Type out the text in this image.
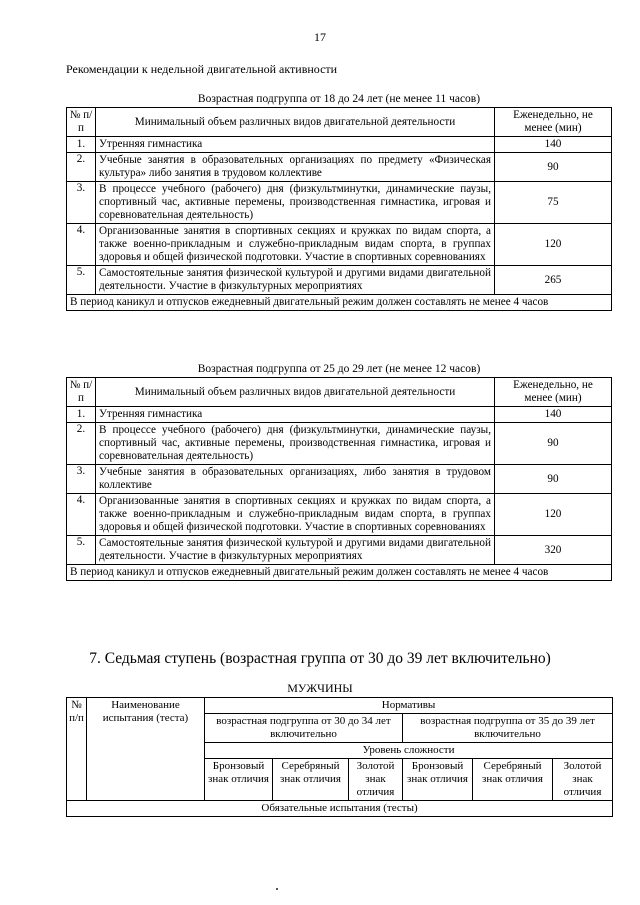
17
Рекомендации к недельной двигательной активности
Возрастная подгруппа от 18 до 24 лет (не менее 11 часов)
№ п/п	Минимальный объем различных видов двигательной деятельности	Еженедельно, не менее (мин)
1.	Утренняя гимнастика	140
2.	Учебные занятия в образовательных организациях по предмету «Физическая культура» либо занятия в трудовом коллективе	90
3.	В процессе учебного (рабочего) дня (физкультминутки, динамические паузы, спортивный час, активные перемены, производственная гимнастика, игровая и соревновательная деятельность)	75
4.	Организованные занятия в спортивных секциях и кружках по видам спорта, а также военно-прикладным и служебно-прикладным видам спорта, в группах здоровья и общей физической подготовки. Участие в спортивных соревнованиях	120
5.	Самостоятельные занятия физической культурой и другими видами двигательной деятельности. Участие в физкультурных мероприятиях	265
В период каникул и отпусков ежедневный двигательный режим должен составлять не менее 4 часов		
Возрастная подгруппа от 25 до 29 лет (не менее 12 часов)
№ п/п	Минимальный объем различных видов двигательной деятельности	Еженедельно, не менее (мин)
1.	Утренняя гимнастика	140
2.	В процессе учебного (рабочего) дня (физкультминутки, динамические паузы, спортивный час, активные перемены, производственная гимнастика, игровая и соревновательная деятельность)	90
3.	Учебные занятия в образовательных организациях, либо занятия в трудовом коллективе	90
4.	Организованные занятия в спортивных секциях и кружках по видам спорта, а также военно-прикладным и служебно-прикладным видам спорта, в группах здоровья и общей физической подготовки. Участие в спортивных соревнованиях	120
5.	Самостоятельные занятия физической культурой и другими видами двигательной деятельности. Участие в физкультурных мероприятиях	320
В период каникул и отпусков ежедневный двигательный режим должен составлять не менее 4 часов		
7. Седьмая ступень (возрастная группа от 30 до 39 лет включительно)
МУЖЧИНЫ
№ п/п	Наименование испытания (теста)	Нормативы					
		возрастная подгруппа от 30 до 34 лет включительно			возрастная подгруппа от 35 до 39 лет включительно		
		Уровень сложности					
		Бронзовый знак отличия	Серебряный знак отличия	Золотой знак отличия	Бронзовый знак отличия	Серебряный знак отличия	Золотой знак отличия
Обязательные испытания (тесты)							
